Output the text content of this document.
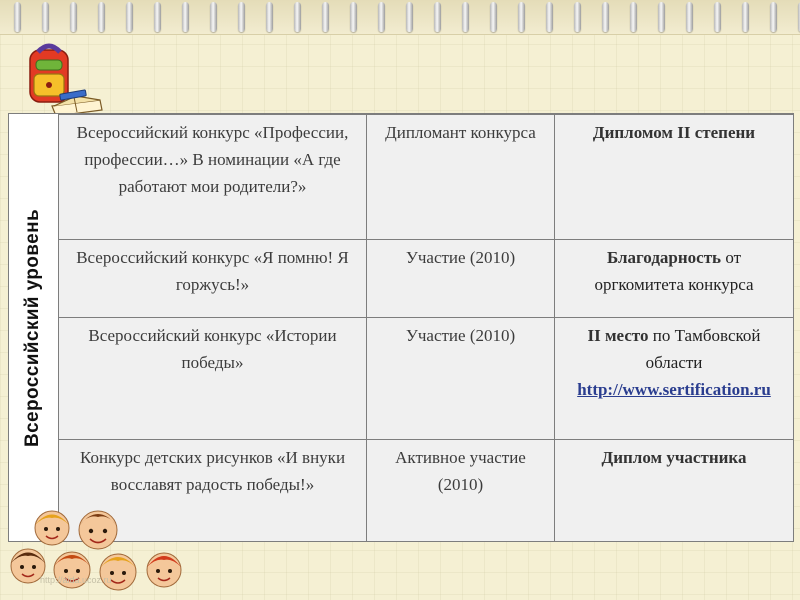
Всероссийский уровень
Всероссийский конкурс «Профессии, профессии…» В номинации «А где работают мои родители?»	Дипломант конкурса	Дипломом II степени
Всероссийский конкурс «Я помню! Я горжусь!»	Участие (2010)	Благодарность от оргкомитета конкурса
Всероссийский конкурс «Истории победы»	Участие (2010)	II место по Тамбовской области
http://www.sertification.ru
Конкурс детских рисунков «И внуки восславят радость победы!»	Активное участие (2010)	Диплом участника
http://aida.ucoz.ru
